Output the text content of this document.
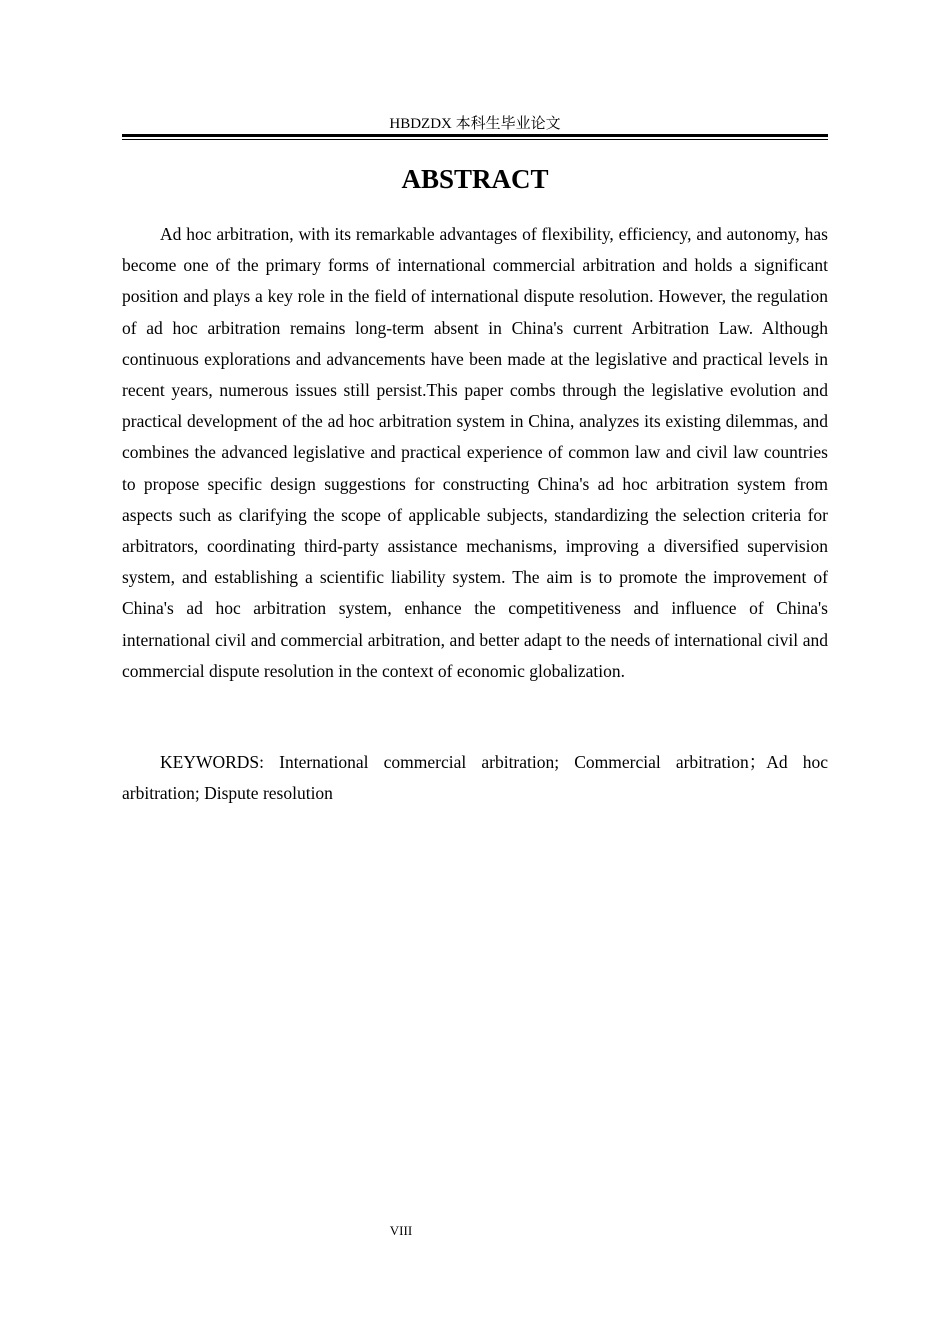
HBDZDX 本科生毕业论文
ABSTRACT

Ad hoc arbitration, with its remarkable advantages of flexibility, efficiency, and autonomy, has become one of the primary forms of international commercial arbitration and holds a significant position and plays a key role in the field of international dispute resolution. However, the regulation of ad hoc arbitration remains long-term absent in China's current Arbitration Law. Although continuous explorations and advancements have been made at the legislative and practical levels in recent years, numerous issues still persist.This paper combs through the legislative evolution and practical development of the ad hoc arbitration system in China, analyzes its existing dilemmas, and combines the advanced legislative and practical experience of common law and civil law countries to propose specific design suggestions for constructing China's ad hoc arbitration system from aspects such as clarifying the scope of applicable subjects, standardizing the selection criteria for arbitrators, coordinating third-party assistance mechanisms, improving a diversified supervision system, and establishing a scientific liability system. The aim is to promote the improvement of China's ad hoc arbitration system, enhance the competitiveness and influence of China's international civil and commercial arbitration, and better adapt to the needs of international civil and commercial dispute resolution in the context of economic globalization.

KEYWORDS: International commercial arbitration; Commercial arbitration；Ad hoc arbitration; Dispute resolution

VIII
